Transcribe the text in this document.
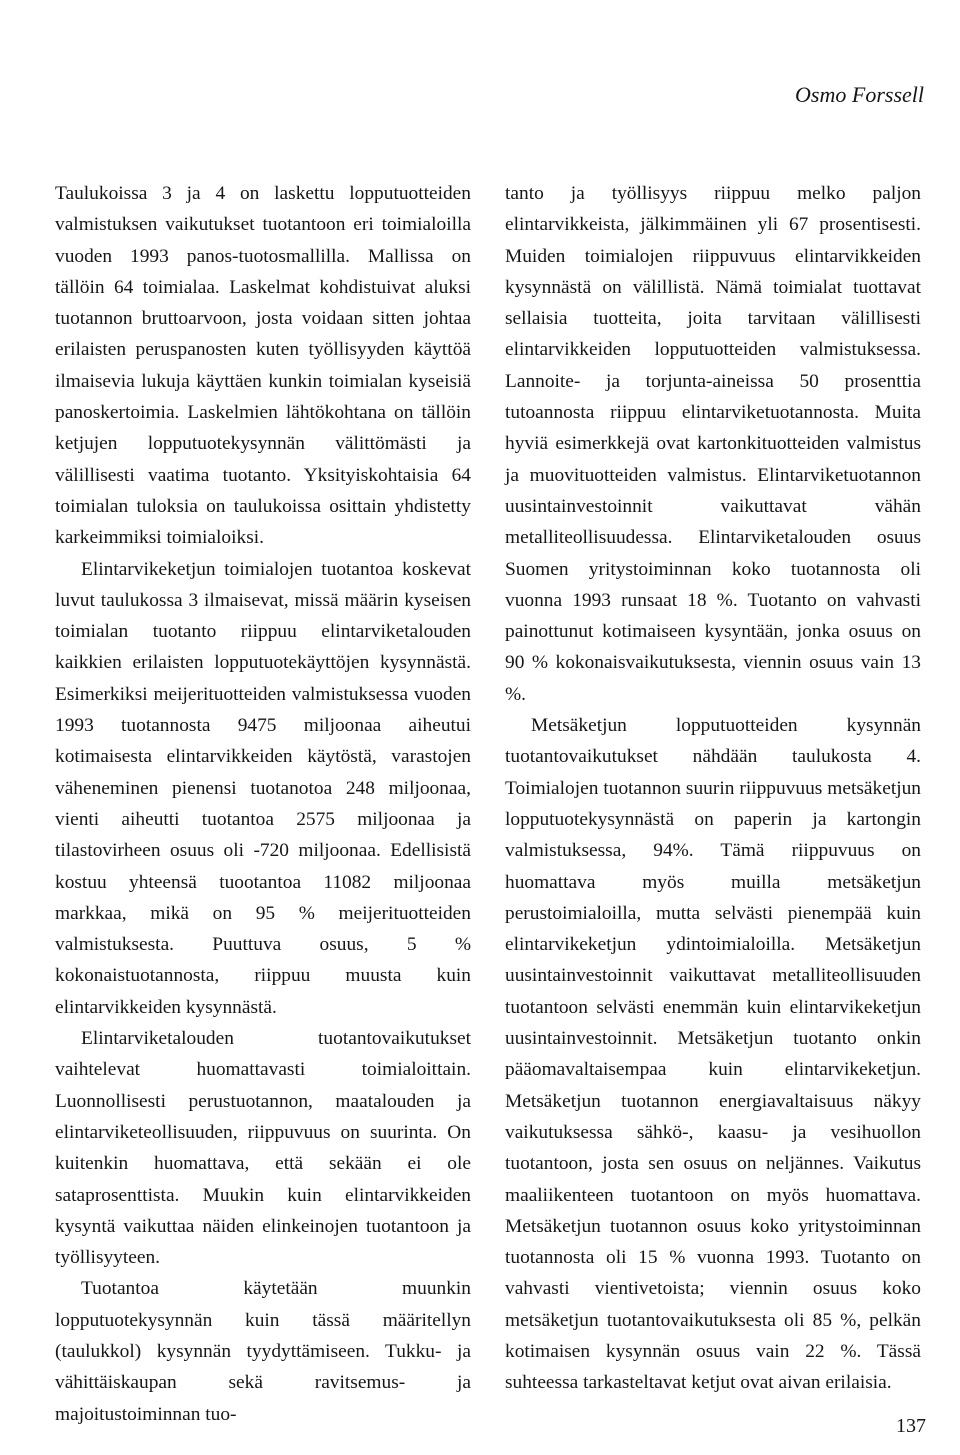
Osmo Forssell

Taulukoissa 3 ja 4 on laskettu lopputuotteiden valmistuksen vaikutukset tuotantoon eri toimialoilla vuoden 1993 panos-tuotosmallilla. Mallissa on tällöin 64 toimialaa. Laskelmat kohdistuivat aluksi tuotannon bruttoarvoon, josta voidaan sitten johtaa erilaisten peruspanosten kuten työllisyyden käyttöä ilmaisevia lukuja käyttäen kunkin toimialan kyseisiä panoskertoimia. Laskelmien lähtökohtana on tällöin ketjujen lopputuotekysynnän välittömästi ja välillisesti vaatima tuotanto. Yksityiskohtaisia 64 toimialan tuloksia on taulukoissa osittain yhdistetty karkeimmiksi toimialoiksi.

Elintarvikeketjun toimialojen tuotantoa koskevat luvut taulukossa 3 ilmaisevat, missä määrin kyseisen toimialan tuotanto riippuu elintarviketalouden kaikkien erilaisten lopputuotekäyttöjen kysynnästä. Esimerkiksi meijerituotteiden valmistuksessa vuoden 1993 tuotannosta 9475 miljoonaa aiheutui kotimaisesta elintarvikkeiden käytöstä, varastojen väheneminen pienensi tuotanotoa 248 miljoonaa, vienti aiheutti tuotantoa 2575 miljoonaa ja tilastovirheen osuus oli -720 miljoonaa. Edellisistä kostuu yhteensä tuootantoa 11082 miljoonaa markkaa, mikä on 95 % meijerituotteiden valmistuksesta. Puuttuva osuus, 5 % kokonaistuotannosta, riippuu muusta kuin elintarvikkeiden kysynnästä.

Elintarviketalouden tuotantovaikutukset vaihtelevat huomattavasti toimialoittain. Luonnollisesti perustuotannon, maatalouden ja elintarviketeollisuuden, riippuvuus on suurinta. On kuitenkin huomattava, että sekään ei ole sataprosenttista. Muukin kuin elintarvikkeiden kysyntä vaikuttaa näiden elinkeinojen tuotantoon ja työllisyyteen.

Tuotantoa käytetään muunkin lopputuotekysynnän kuin tässä määritellyn (taulukkol) kysynnän tyydyttämiseen. Tukku- ja vähittäiskaupan sekä ravitsemus- ja majoitustoiminnan tuo-

tanto ja työllisyys riippuu melko paljon elintarvikkeista, jälkimmäinen yli 67 prosentisesti. Muiden toimialojen riippuvuus elintarvikkeiden kysynnästä on välillistä. Nämä toimialat tuottavat sellaisia tuotteita, joita tarvitaan välillisesti elintarvikkeiden lopputuotteiden valmistuksessa. Lannoite- ja torjunta-aineissa 50 prosenttia tutoannosta riippuu elintarviketuotannosta. Muita hyviä esimerkkejä ovat kartonkituotteiden valmistus ja muovituotteiden valmistus. Elintarviketuotannon uusintainvestoinnit vaikuttavat vähän metalliteollisuudessa. Elintarviketalouden osuus Suomen yritystoiminnan koko tuotannosta oli vuonna 1993 runsaat 18 %. Tuotanto on vahvasti painottunut kotimaiseen kysyntään, jonka osuus on 90 % kokonaisvaikutuksesta, viennin osuus vain 13 %.

Metsäketjun lopputuotteiden kysynnän tuotantovaikutukset nähdään taulukosta 4. Toimialojen tuotannon suurin riippuvuus metsäketjun lopputuotekysynnästä on paperin ja kartongin valmistuksessa, 94%. Tämä riippuvuus on huomattava myös muilla metsäketjun perustoimialoilla, mutta selvästi pienempää kuin elintarvikeketjun ydintoimialoilla. Metsäketjun uusintainvestoinnit vaikuttavat metalliteollisuuden tuotantoon selvästi enemmän kuin elintarvikeketjun uusintainvestoinnit. Metsäketjun tuotanto onkin pääomavaltaisempaa kuin elintarvikeketjun. Metsäketjun tuotannon energiavaltaisuus näkyy vaikutuksessa sähkö-, kaasu- ja vesihuollon tuotantoon, josta sen osuus on neljännes. Vaikutus maaliikenteen tuotantoon on myös huomattava. Metsäketjun tuotannon osuus koko yritystoiminnan tuotannosta oli 15 % vuonna 1993. Tuotanto on vahvasti vientivetoista; viennin osuus koko metsäketjun tuotantovaikutuksesta oli 85 %, pelkän kotimaisen kysynnän osuus vain 22 %. Tässä suhteessa tarkasteltavat ketjut ovat aivan erilaisia.

137
